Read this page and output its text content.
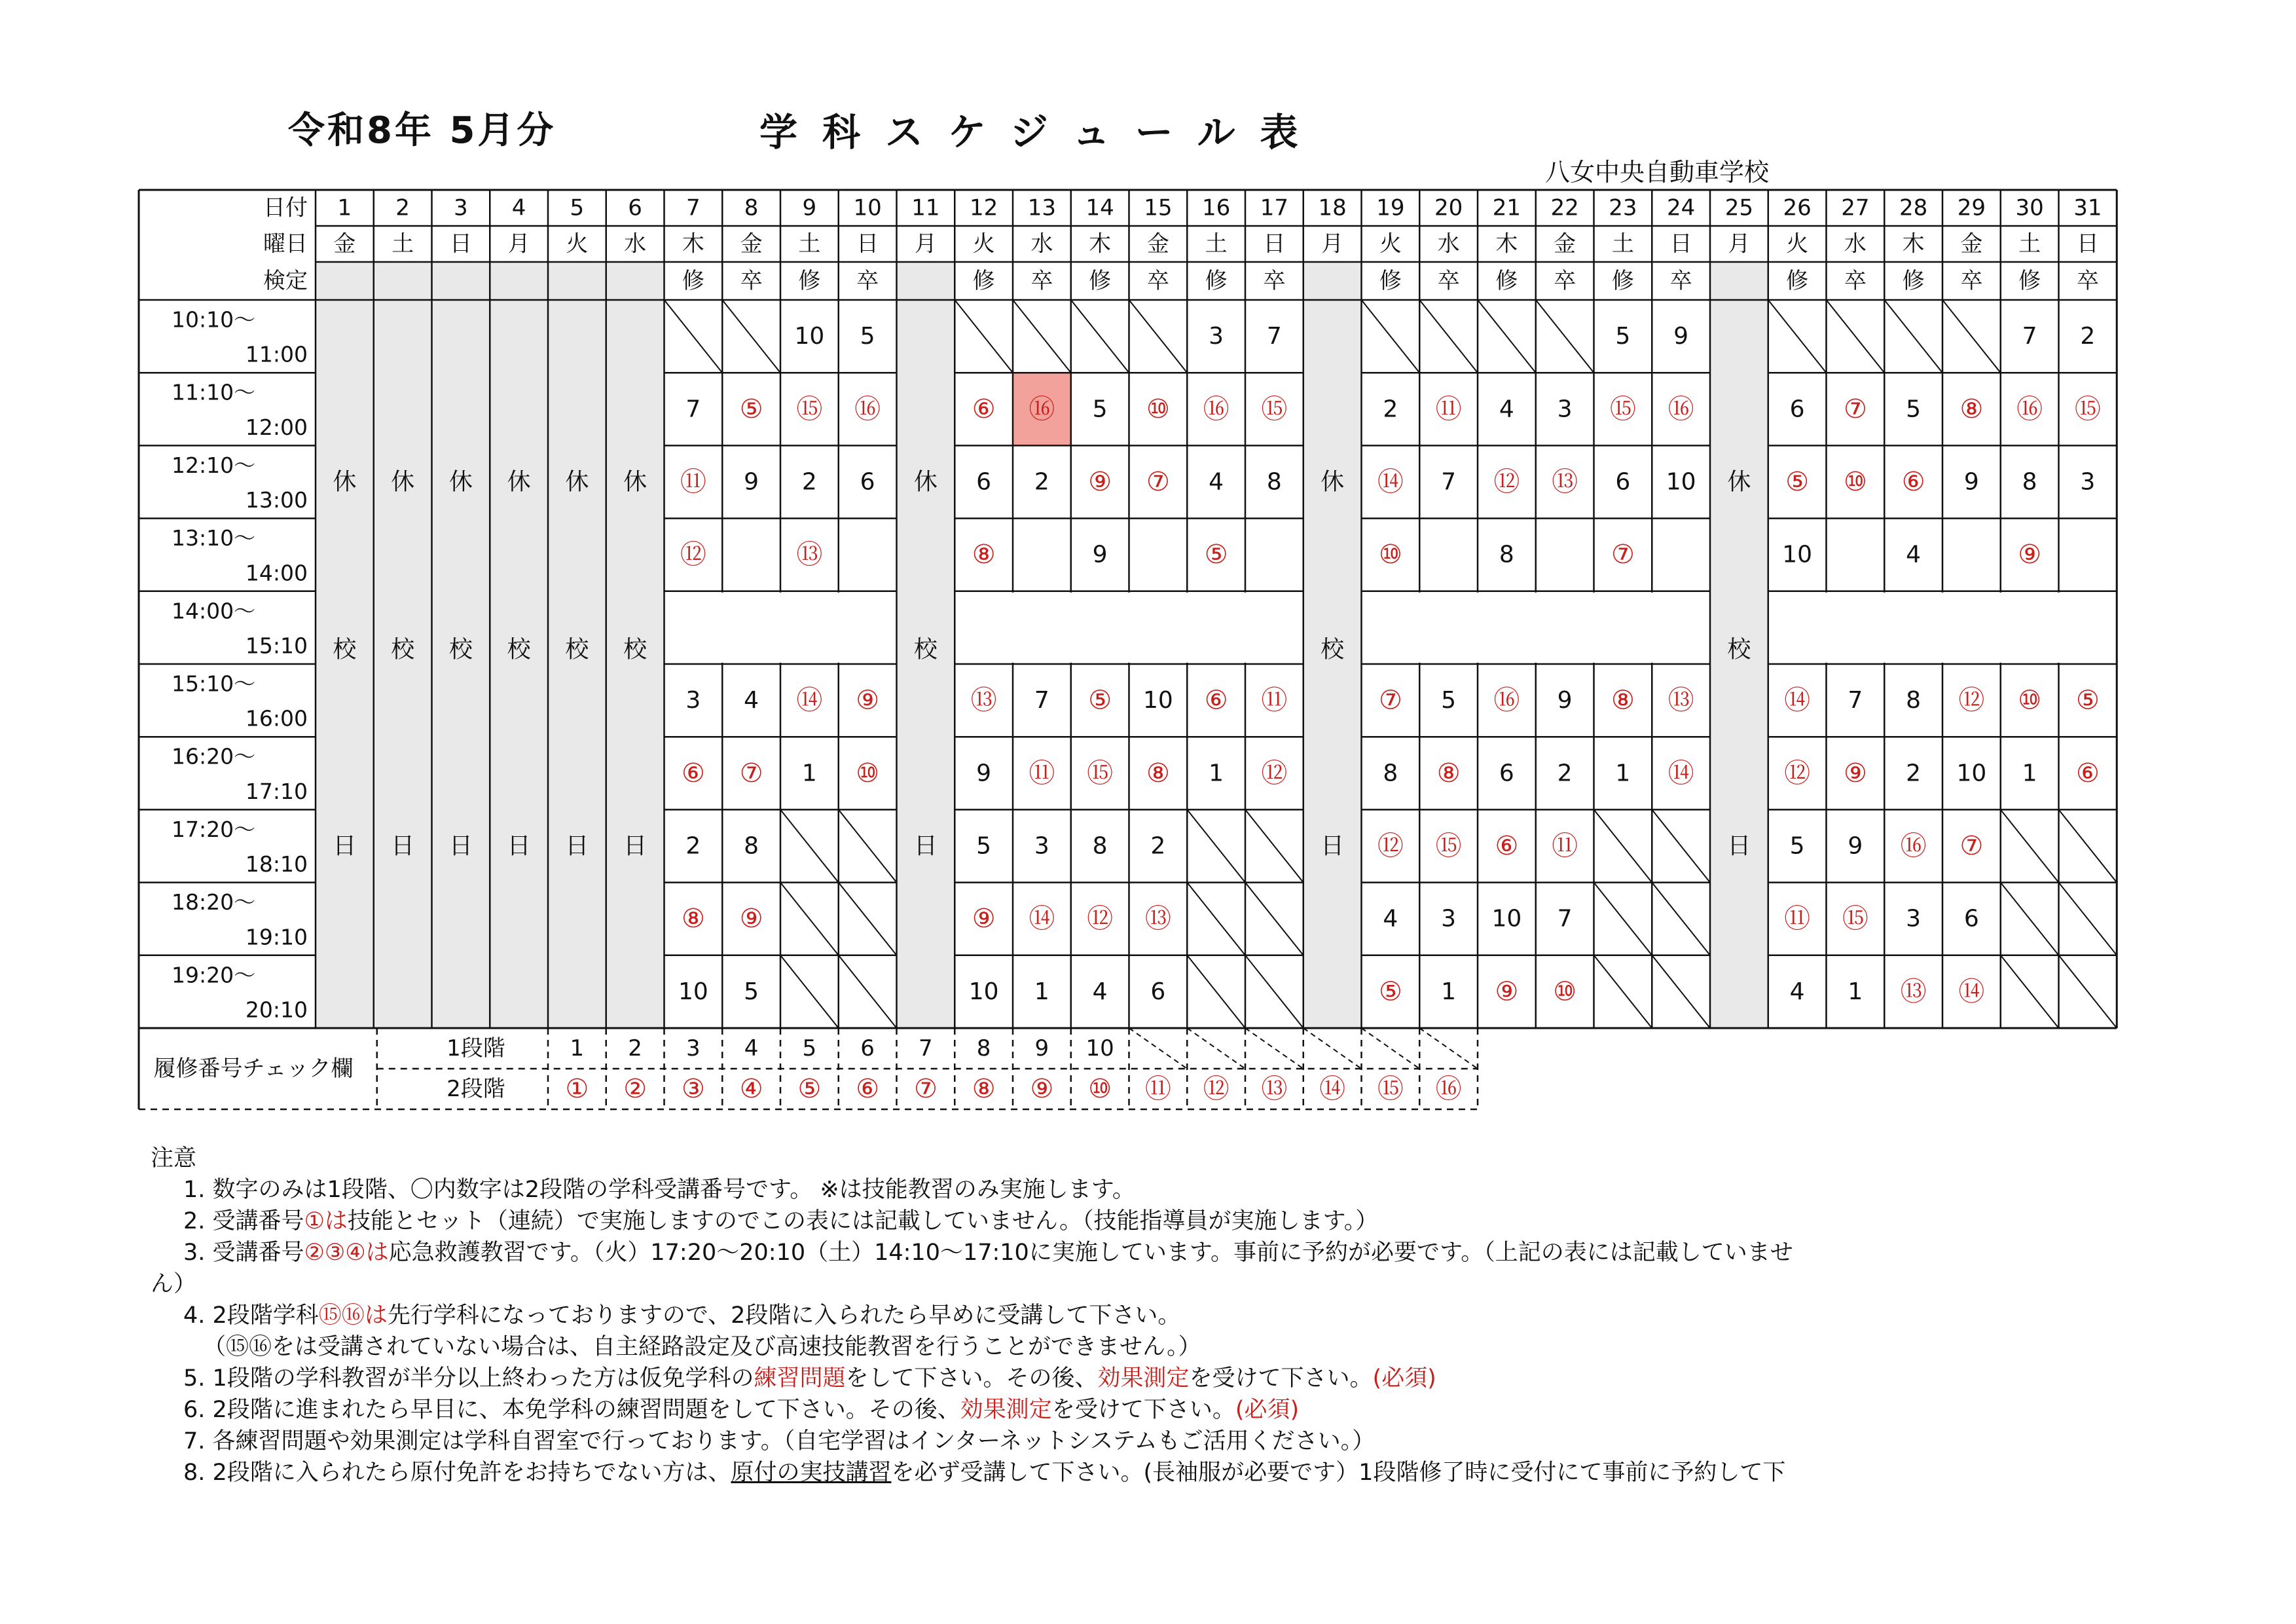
令和8年 5月分	学科スケジュール表
八女中央自動車学校
日付
曜日
検定
1
金
2
土
3
日
4
月
5
火
6
水
7
木
修
8
金
卒
9
土
修
10
日
卒
11
月
12
火
修
13
水
卒
14
木
修
15
金
卒
16
土
修
17
日
卒
18
月
19
火
修
20
水
卒
21
木
修
22
金
卒
23
土
修
24
日
卒
25
月
26
火
修
27
水
卒
28
木
修
29
金
卒
30
土
修
31
日
卒
10:10～
11:00
11:10～
12:00
12:10～
13:00
13:10～
14:00
14:00～
15:10
15:10～
16:00
16:20～
17:10
17:20～
18:10
18:20～
19:10
19:20～
20:10
休
校
日
休
校
日
休
校
日
休
校
日
休
校
日
休
校
日
7
⑪
⑫
3
⑥
2
⑧
10
⑤
9
4
⑦
8
⑨
5
10
⑮
2
⑬
⑭
1
5
⑯
6
⑨
⑩
休
校
日
⑥
6
⑧
⑬
9
5
⑨
10
⑯
2
7
⑪
3
⑭
1
5
⑨
9
⑤
⑮
8
⑫
4
⑩
⑦
10
⑧
2
⑬
6
3
⑯
4
⑤
⑥
1
7
⑮
8
⑪
⑫
休
校
日
2
⑭
⑩
⑦
8
⑫
4
⑤
⑪
7
5
⑧
⑮
3
1
4
⑫
8
⑯
6
⑥
10
⑨
3
⑬
9
2
⑪
7
⑩
5
⑮
6
⑦
⑧
1
9
⑯
10
⑬
⑭
休
校
日
6
⑤
10
⑭
⑫
5
⑪
4
⑦
⑩
7
⑨
9
⑮
1
5
⑥
4
8
2
⑯
3
⑬
⑧
9
⑫
10
⑦
6
⑭
7
⑯
8
⑨
⑩
1
2
⑮
3
⑤
⑥
履修番号チェック欄
1段階
2段階
1 2 3 4 5 6 7 8 9 10
① ② ③ ④ ⑤ ⑥ ⑦ ⑧ ⑨ ⑩ ⑪ ⑫ ⑬ ⑭ ⑮ ⑯
注意
1. 数字のみは1段階、〇内数字は2段階の学科受講番号です。 ※は技能教習のみ実施します。
2. 受講番号①は技能とセット（連続）で実施しますのでこの表には記載していません。（技能指導員が実施します。）
3. 受講番号②③④は応急救護教習です。（火）17:20～20:10（土）14:10～17:10に実施しています。事前に予約が必要です。（上記の表には記載していませ
ん）
4. 2段階学科⑮⑯は先行学科になっておりますので、2段階に入られたら早めに受講して下さい。
（⑮⑯をは受講されていない場合は、自主経路設定及び高速技能教習を行うことができません。）
5. 1段階の学科教習が半分以上終わった方は仮免学科の練習問題をして下さい。その後、効果測定を受けて下さい。(必須)
6. 2段階に進まれたら早目に、本免学科の練習問題をして下さい。その後、効果測定を受けて下さい。(必須)
7. 各練習問題や効果測定は学科自習室で行っております。（自宅学習はインターネットシステムもご活用ください。）
8. 2段階に入られたら原付免許をお持ちでない方は、原付の実技講習を必ず受講して下さい。(長袖服が必要です）1段階修了時に受付にて事前に予約して下
